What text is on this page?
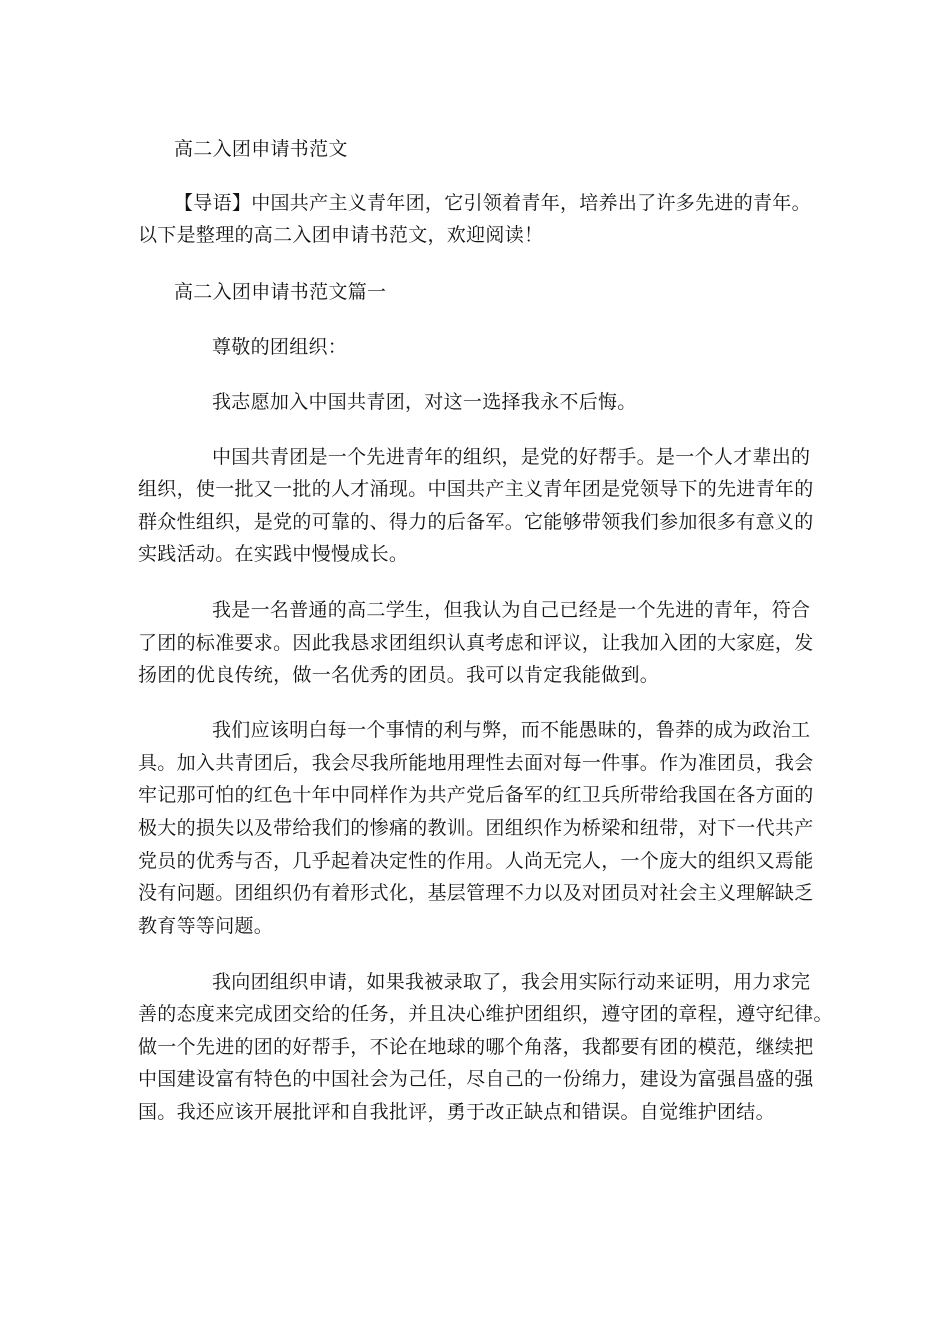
高二入团申请书范文
【导语】中国共产主义青年团，它引领着青年，培养出了许多先进的青年。
以下是整理的高二入团申请书范文，欢迎阅读！
高二入团申请书范文篇一
尊敬的团组织：
我志愿加入中国共青团，对这一选择我永不后悔。
中国共青团是一个先进青年的组织，是党的好帮手。是一个人才辈出的
组织，使一批又一批的人才涌现。中国共产主义青年团是党领导下的先进青年的
群众性组织，是党的可靠的、得力的后备军。它能够带领我们参加很多有意义的
实践活动。在实践中慢慢成长。
我是一名普通的高二学生，但我认为自己已经是一个先进的青年，符合
了团的标准要求。因此我恳求团组织认真考虑和评议，让我加入团的大家庭，发
扬团的优良传统，做一名优秀的团员。我可以肯定我能做到。
我们应该明白每一个事情的利与弊，而不能愚昧的，鲁莽的成为政治工
具。加入共青团后，我会尽我所能地用理性去面对每一件事。作为准团员，我会
牢记那可怕的红色十年中同样作为共产党后备军的红卫兵所带给我国在各方面的
极大的损失以及带给我们的惨痛的教训。团组织作为桥梁和纽带，对下一代共产
党员的优秀与否，几乎起着决定性的作用。人尚无完人，一个庞大的组织又焉能
没有问题。团组织仍有着形式化，基层管理不力以及对团员对社会主义理解缺乏
教育等等问题。
我向团组织申请，如果我被录取了，我会用实际行动来证明，用力求完
善的态度来完成团交给的任务，并且决心维护团组织，遵守团的章程，遵守纪律。
做一个先进的团的好帮手，不论在地球的哪个角落，我都要有团的模范，继续把
中国建设富有特色的中国社会为己任，尽自己的一份绵力，建设为富强昌盛的强
国。我还应该开展批评和自我批评，勇于改正缺点和错误。自觉维护团结。
